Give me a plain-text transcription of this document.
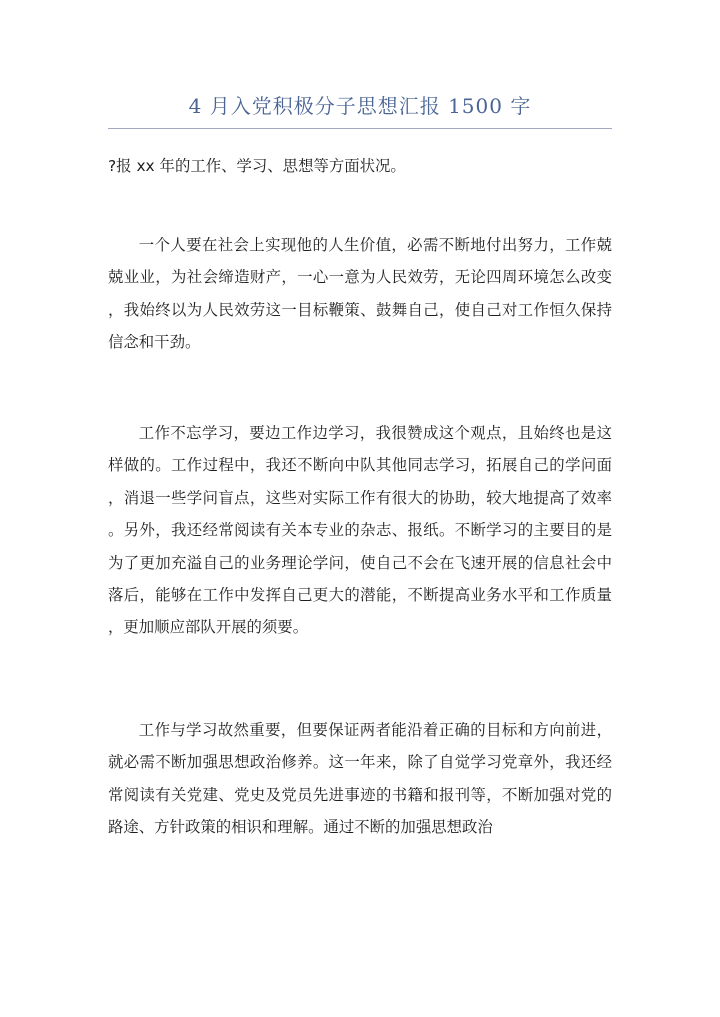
4 月入党积极分子思想汇报 1500 字

?报 xx 年的工作、学习、思想等方面状况。

一个人要在社会上实现他的人生价值，必需不断地付出努力，工作兢兢业业，为社会缔造财产，一心一意为人民效劳，无论四周环境怎么改变，我始终以为人民效劳这一目标鞭策、鼓舞自己，使自己对工作恒久保持信念和干劲。

工作不忘学习，要边工作边学习，我很赞成这个观点，且始终也是这样做的。工作过程中，我还不断向中队其他同志学习，拓展自己的学问面，消退一些学问盲点，这些对实际工作有很大的协助，较大地提高了效率。另外，我还经常阅读有关本专业的杂志、报纸。不断学习的主要目的是为了更加充溢自己的业务理论学问，使自己不会在飞速开展的信息社会中落后，能够在工作中发挥自己更大的潜能，不断提高业务水平和工作质量，更加顺应部队开展的须要。

工作与学习故然重要，但要保证两者能沿着正确的目标和方向前进，就必需不断加强思想政治修养。这一年来，除了自觉学习党章外，我还经常阅读有关党建、党史及党员先进事迹的书籍和报刊等，不断加强对党的路途、方针政策的相识和理解。通过不断的加强思想政治
